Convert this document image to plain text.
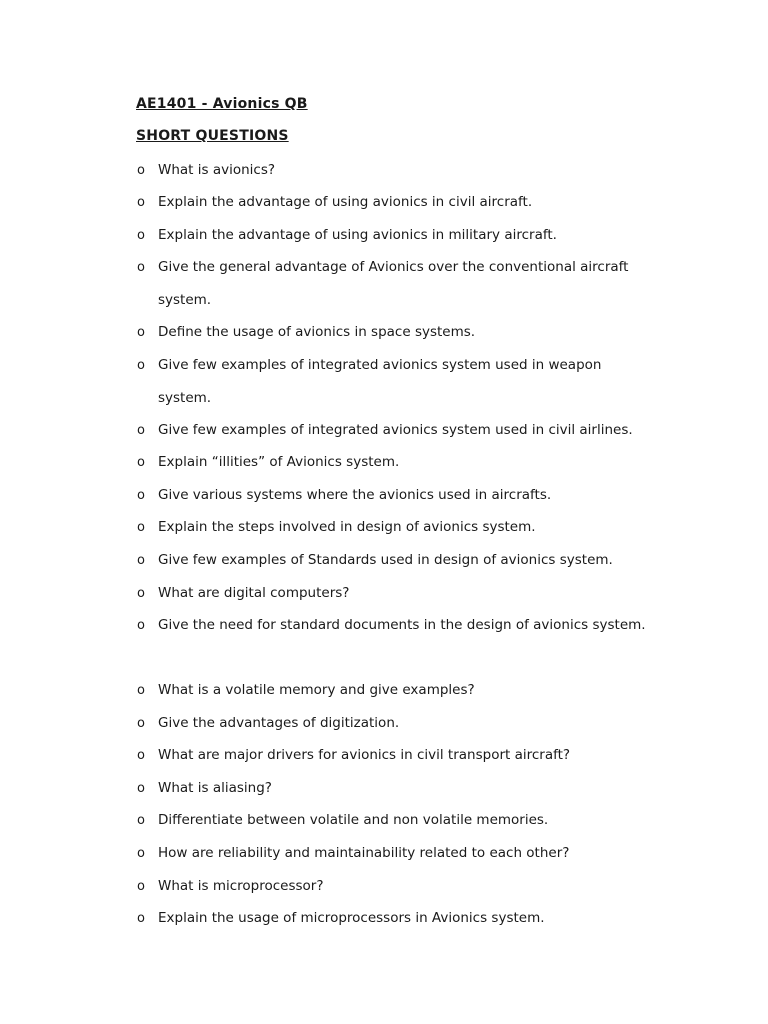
AE1401 - Avionics QB
SHORT QUESTIONS
o What is avionics?
o Explain the advantage of using avionics in civil aircraft.
o Explain the advantage of using avionics in military aircraft.
o Give the general advantage of Avionics over the conventional aircraft system.
o Define the usage of avionics in space systems.
o Give few examples of integrated avionics system used in weapon system.
o Give few examples of integrated avionics system used in civil airlines.
o Explain “illities” of Avionics system.
o Give various systems where the avionics used in aircrafts.
o Explain the steps involved in design of avionics system.
o Give few examples of Standards used in design of avionics system.
o What are digital computers?
o Give the need for standard documents in the design of avionics system.
o What is a volatile memory and give examples?
o Give the advantages of digitization.
o What are major drivers for avionics in civil transport aircraft?
o What is aliasing?
o Differentiate between volatile and non volatile memories.
o How are reliability and maintainability related to each other?
o What is microprocessor?
o Explain the usage of microprocessors in Avionics system.
